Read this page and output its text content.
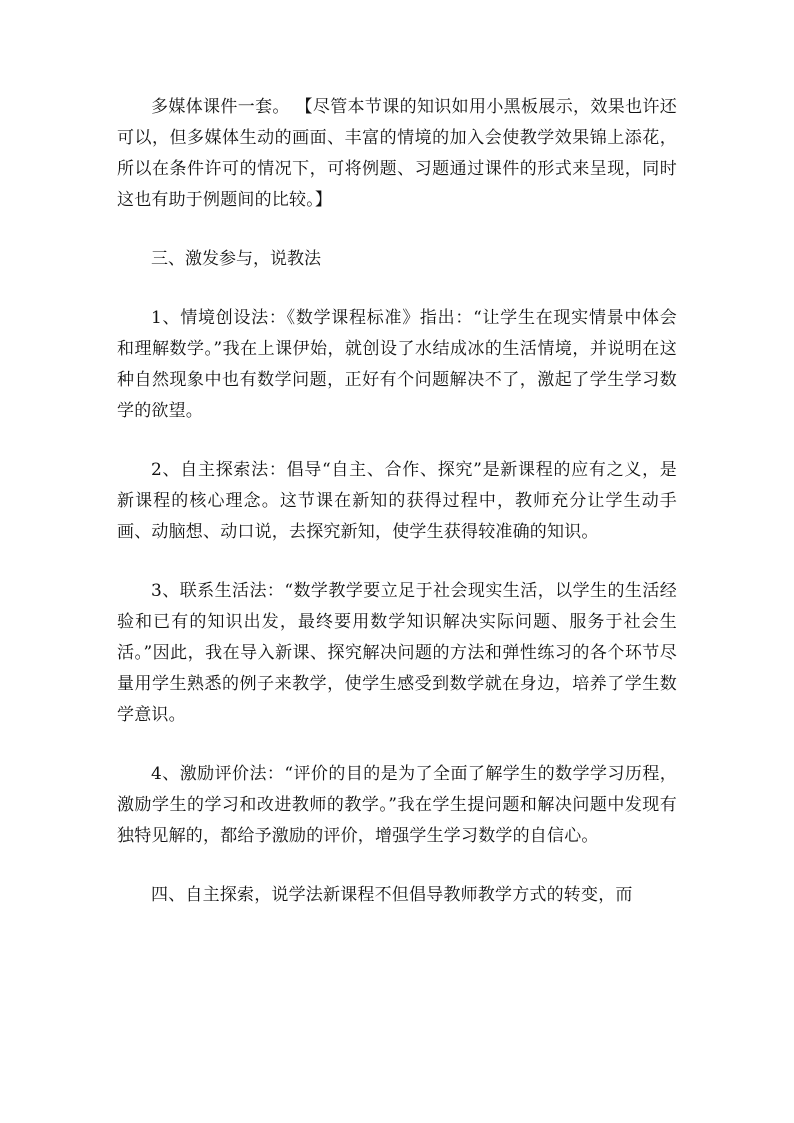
多媒体课件一套。 【尽管本节课的知识如用小黑板展示，效果也许还可以，但多媒体生动的画面、丰富的情境的加入会使教学效果锦上添花，所以在条件许可的情况下，可将例题、习题通过课件的形式来呈现，同时这也有助于例题间的比较。】

三、激发参与，说教法

1、情境创设法：《数学课程标准》指出：“让学生在现实情景中体会和理解数学。”我在上课伊始，就创设了水结成冰的生活情境，并说明在这种自然现象中也有数学问题，正好有个问题解决不了，激起了学生学习数学的欲望。

2、自主探索法：倡导“自主、合作、探究”是新课程的应有之义，是新课程的核心理念。这节课在新知的获得过程中，教师充分让学生动手画、动脑想、动口说，去探究新知，使学生获得较准确的知识。

3、联系生活法：“数学教学要立足于社会现实生活，以学生的生活经验和已有的知识出发，最终要用数学知识解决实际问题、服务于社会生活。”因此，我在导入新课、探究解决问题的方法和弹性练习的各个环节尽量用学生熟悉的例子来教学，使学生感受到数学就在身边，培养了学生数学意识。

4、激励评价法：“评价的目的是为了全面了解学生的数学学习历程，激励学生的学习和改进教师的教学。”我在学生提问题和解决问题中发现有独特见解的，都给予激励的评价，增强学生学习数学的自信心。

四、自主探索，说学法新课程不但倡导教师教学方式的转变，而
